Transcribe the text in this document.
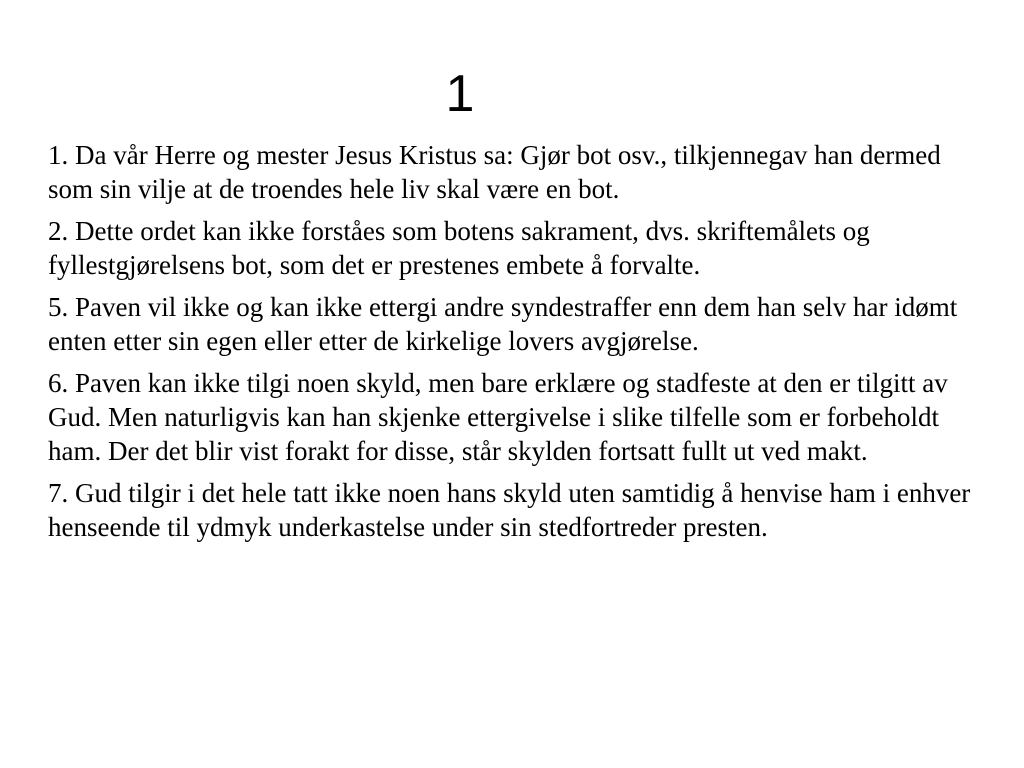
1

1. Da vår Herre og mester Jesus Kristus sa: Gjør bot osv., tilkjennegav han dermed som sin vilje at de troendes hele liv skal være en bot.

2. Dette ordet kan ikke forståes som botens sakrament, dvs. skriftemålets og fyllestgjørelsens bot, som det er prestenes embete å forvalte.

5. Paven vil ikke og kan ikke ettergi andre syndestraffer enn dem han selv har idømt enten etter sin egen eller etter de kirkelige lovers avgjørelse.

6. Paven kan ikke tilgi noen skyld, men bare erklære og stadfeste at den er tilgitt av Gud. Men naturligvis kan han skjenke ettergivelse i slike tilfelle som er forbeholdt ham. Der det blir vist forakt for disse, står skylden fortsatt fullt ut ved makt.

7. Gud tilgir i det hele tatt ikke noen hans skyld uten samtidig å henvise ham i enhver henseende til ydmyk underkastelse under sin stedfortreder presten.
